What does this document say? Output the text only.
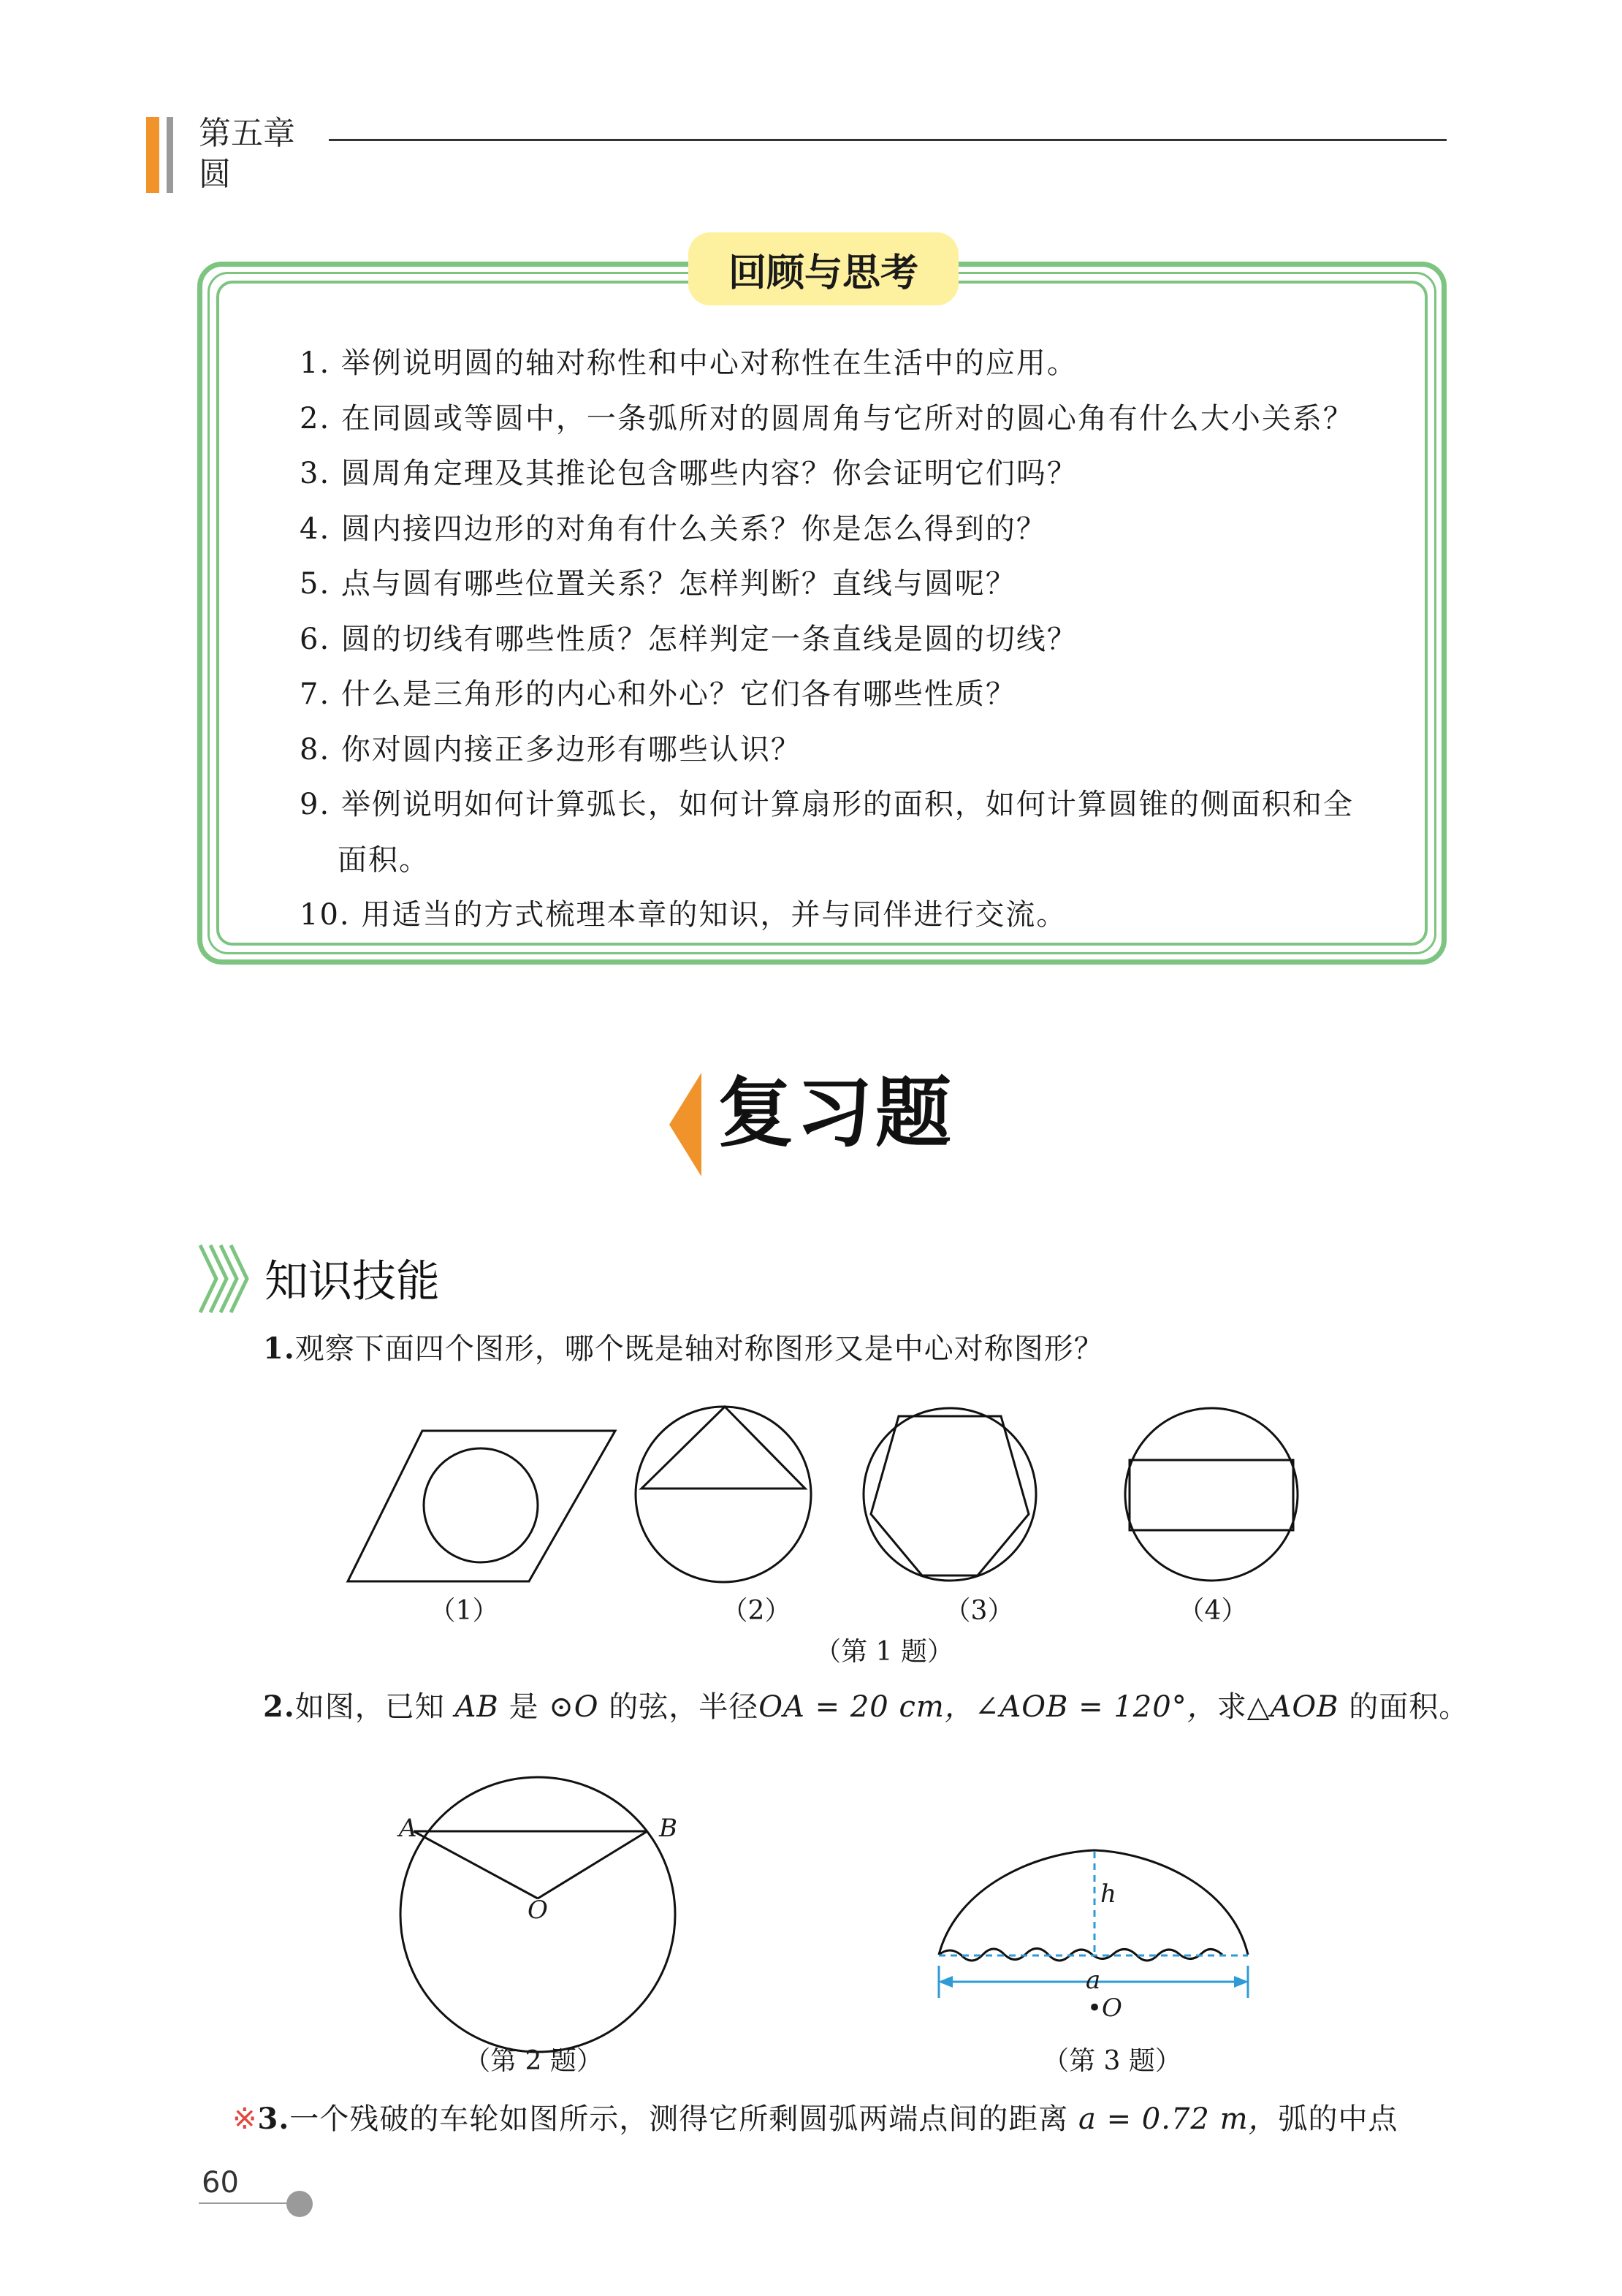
第五章
圆
回顾与思考
1. 举例说明圆的轴对称性和中心对称性在生活中的应用。
2. 在同圆或等圆中，一条弧所对的圆周角与它所对的圆心角有什么大小关系？
3. 圆周角定理及其推论包含哪些内容？你会证明它们吗？
4. 圆内接四边形的对角有什么关系？你是怎么得到的？
5. 点与圆有哪些位置关系？怎样判断？直线与圆呢？
6. 圆的切线有哪些性质？怎样判定一条直线是圆的切线？
7. 什么是三角形的内心和外心？它们各有哪些性质？
8. 你对圆内接正多边形有哪些认识？
9. 举例说明如何计算弧长，如何计算扇形的面积，如何计算圆锥的侧面积和全
面积。
10. 用适当的方式梳理本章的知识，并与同伴进行交流。
复习题
知识技能
1.观察下面四个图形，哪个既是轴对称图形又是中心对称图形？
（1）	（2）	（3）	（4）
（第 1 题）
2.如图，已知 AB 是 ⊙O 的弦，半径OA = 20 cm，∠AOB = 120°，求△AOB 的面积。
A	B
O
（第 2 题）
h
a
•O
（第 3 题）
※3.一个残破的车轮如图所示，测得它所剩圆弧两端点间的距离 a = 0.72 m，弧的中点
60
